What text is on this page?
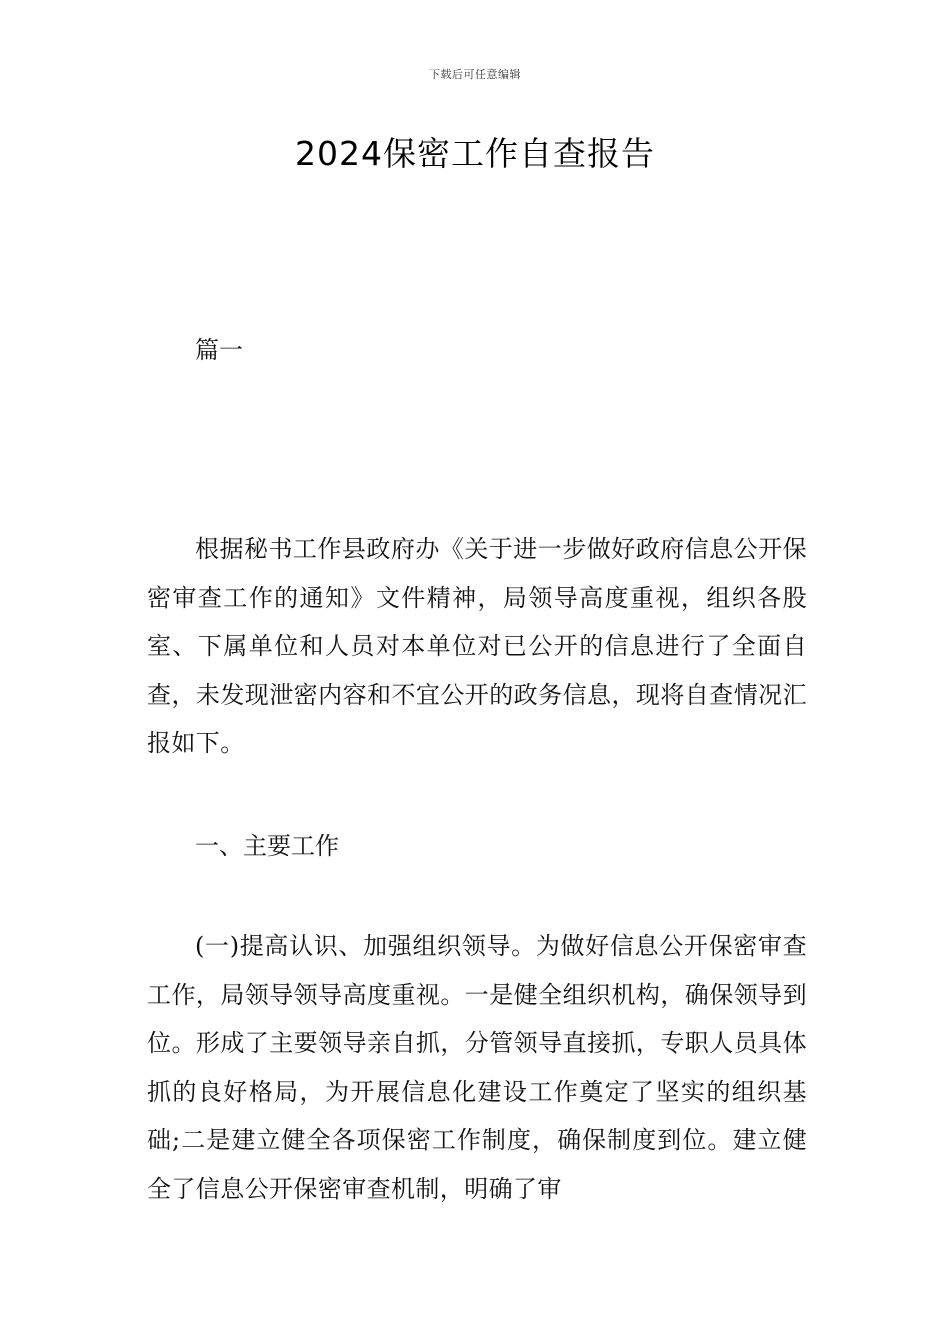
下载后可任意编辑
2024保密工作自查报告

篇一

根据秘书工作县政府办《关于进一步做好政府信息公开保密审查工作的通知》文件精神，局领导高度重视，组织各股室、下属单位和人员对本单位对已公开的信息进行了全面自查，未发现泄密内容和不宜公开的政务信息，现将自查情况汇报如下。

一、主要工作

(一)提高认识、加强组织领导。为做好信息公开保密审查工作，局领导领导高度重视。一是健全组织机构，确保领导到位。形成了主要领导亲自抓，分管领导直接抓，专职人员具体抓的良好格局，为开展信息化建设工作奠定了坚实的组织基础;二是建立健全各项保密工作制度，确保制度到位。建立健全了信息公开保密审查机制，明确了审
